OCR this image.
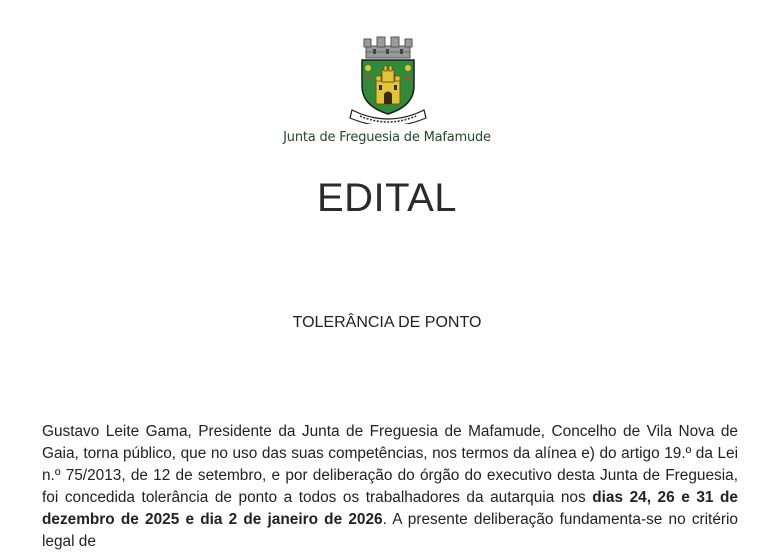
Junta de Freguesia de Mafamude
EDITAL
TOLERÂNCIA DE PONTO
Gustavo Leite Gama, Presidente da Junta de Freguesia de Mafamude, Concelho de Vila Nova de Gaia, torna público, que no uso das suas competências, nos termos da alínea e) do artigo 19.º da Lei n.º 75/2013, de 12 de setembro, e por deliberação do órgão do executivo desta Junta de Freguesia, foi concedida tolerância de ponto a todos os trabalhadores da autarquia nos dias 24, 26 e 31 de dezembro de 2025 e dia 2 de janeiro de 2026. A presente deliberação fundamenta-se no critério legal de
